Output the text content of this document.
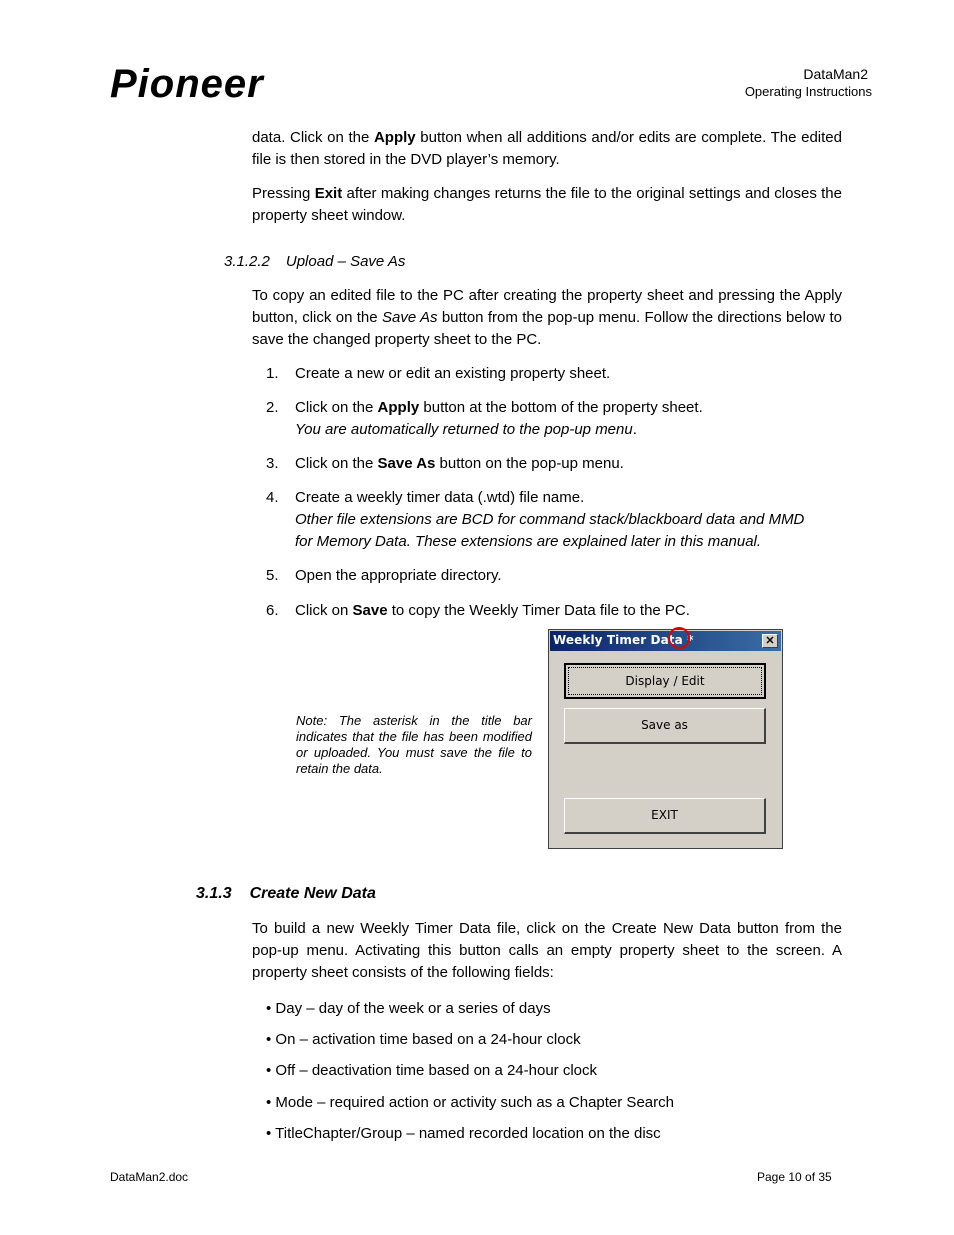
Pioneer	DataMan2
Operating Instructions
data. Click on the Apply button when all additions and/or edits are complete. The edited file is then stored in the DVD player’s memory.
Pressing Exit after making changes returns the file to the original settings and closes the property sheet window.
3.1.2.2 Upload – Save As
To copy an edited file to the PC after creating the property sheet and pressing the Apply button, click on the Save As button from the pop-up menu. Follow the directions below to save the changed property sheet to the PC.
1. Create a new or edit an existing property sheet.
2. Click on the Apply button at the bottom of the property sheet.
You are automatically returned to the pop-up menu.
3. Click on the Save As button on the pop-up menu.
4. Create a weekly timer data (.wtd) file name.
Other file extensions are BCD for command stack/blackboard data and MMD
for Memory Data. These extensions are explained later in this manual.
5. Open the appropriate directory.
6. Click on Save to copy the Weekly Timer Data file to the PC.
Note: The asterisk in the title bar indicates that the file has been modified or uploaded. You must save the file to retain the data.
Weekly Timer Data *	✕
Display / Edit
Save as
EXIT
3.1.3 Create New Data
To build a new Weekly Timer Data file, click on the Create New Data button from the pop-up menu. Activating this button calls an empty property sheet to the screen. A property sheet consists of the following fields:
• Day – day of the week or a series of days
• On – activation time based on a 24-hour clock
• Off – deactivation time based on a 24-hour clock
• Mode – required action or activity such as a Chapter Search
• TitleChapter/Group – named recorded location on the disc
DataMan2.doc	Page 10 of 35
